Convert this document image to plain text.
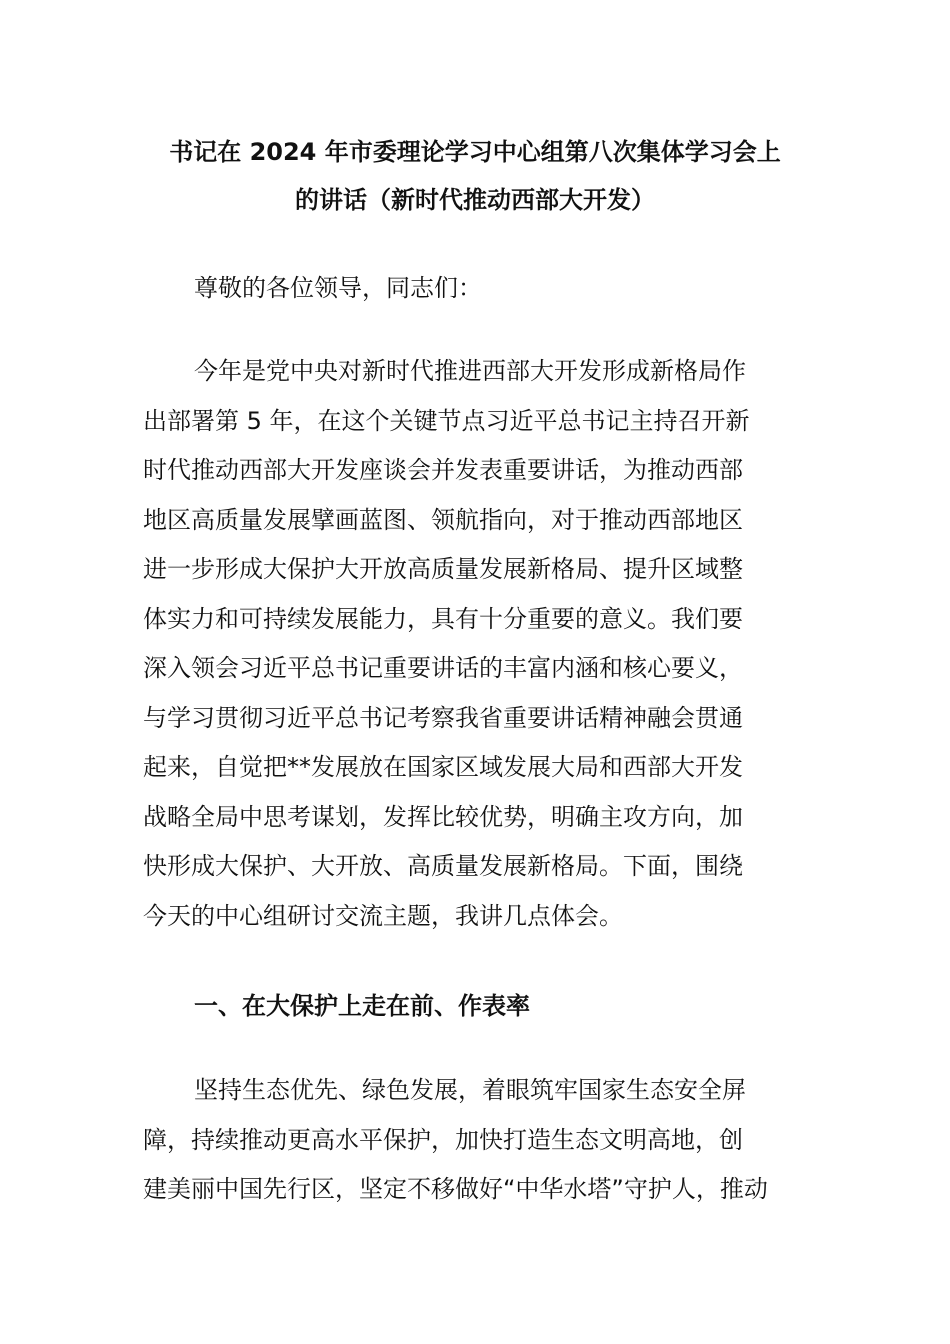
书记在 2024 年市委理论学习中心组第八次集体学习会上
的讲话（新时代推动西部大开发）

尊敬的各位领导，同志们：

今年是党中央对新时代推进西部大开发形成新格局作
出部署第 5 年，在这个关键节点习近平总书记主持召开新
时代推动西部大开发座谈会并发表重要讲话，为推动西部
地区高质量发展擘画蓝图、领航指向，对于推动西部地区
进一步形成大保护大开放高质量发展新格局、提升区域整
体实力和可持续发展能力，具有十分重要的意义。我们要
深入领会习近平总书记重要讲话的丰富内涵和核心要义，
与学习贯彻习近平总书记考察我省重要讲话精神融会贯通
起来，自觉把**发展放在国家区域发展大局和西部大开发
战略全局中思考谋划，发挥比较优势，明确主攻方向，加
快形成大保护、大开放、高质量发展新格局。下面，围绕
今天的中心组研讨交流主题，我讲几点体会。

一、在大保护上走在前、作表率

坚持生态优先、绿色发展，着眼筑牢国家生态安全屏
障，持续推动更高水平保护，加快打造生态文明高地，创
建美丽中国先行区，坚定不移做好“中华水塔”守护人，推动
